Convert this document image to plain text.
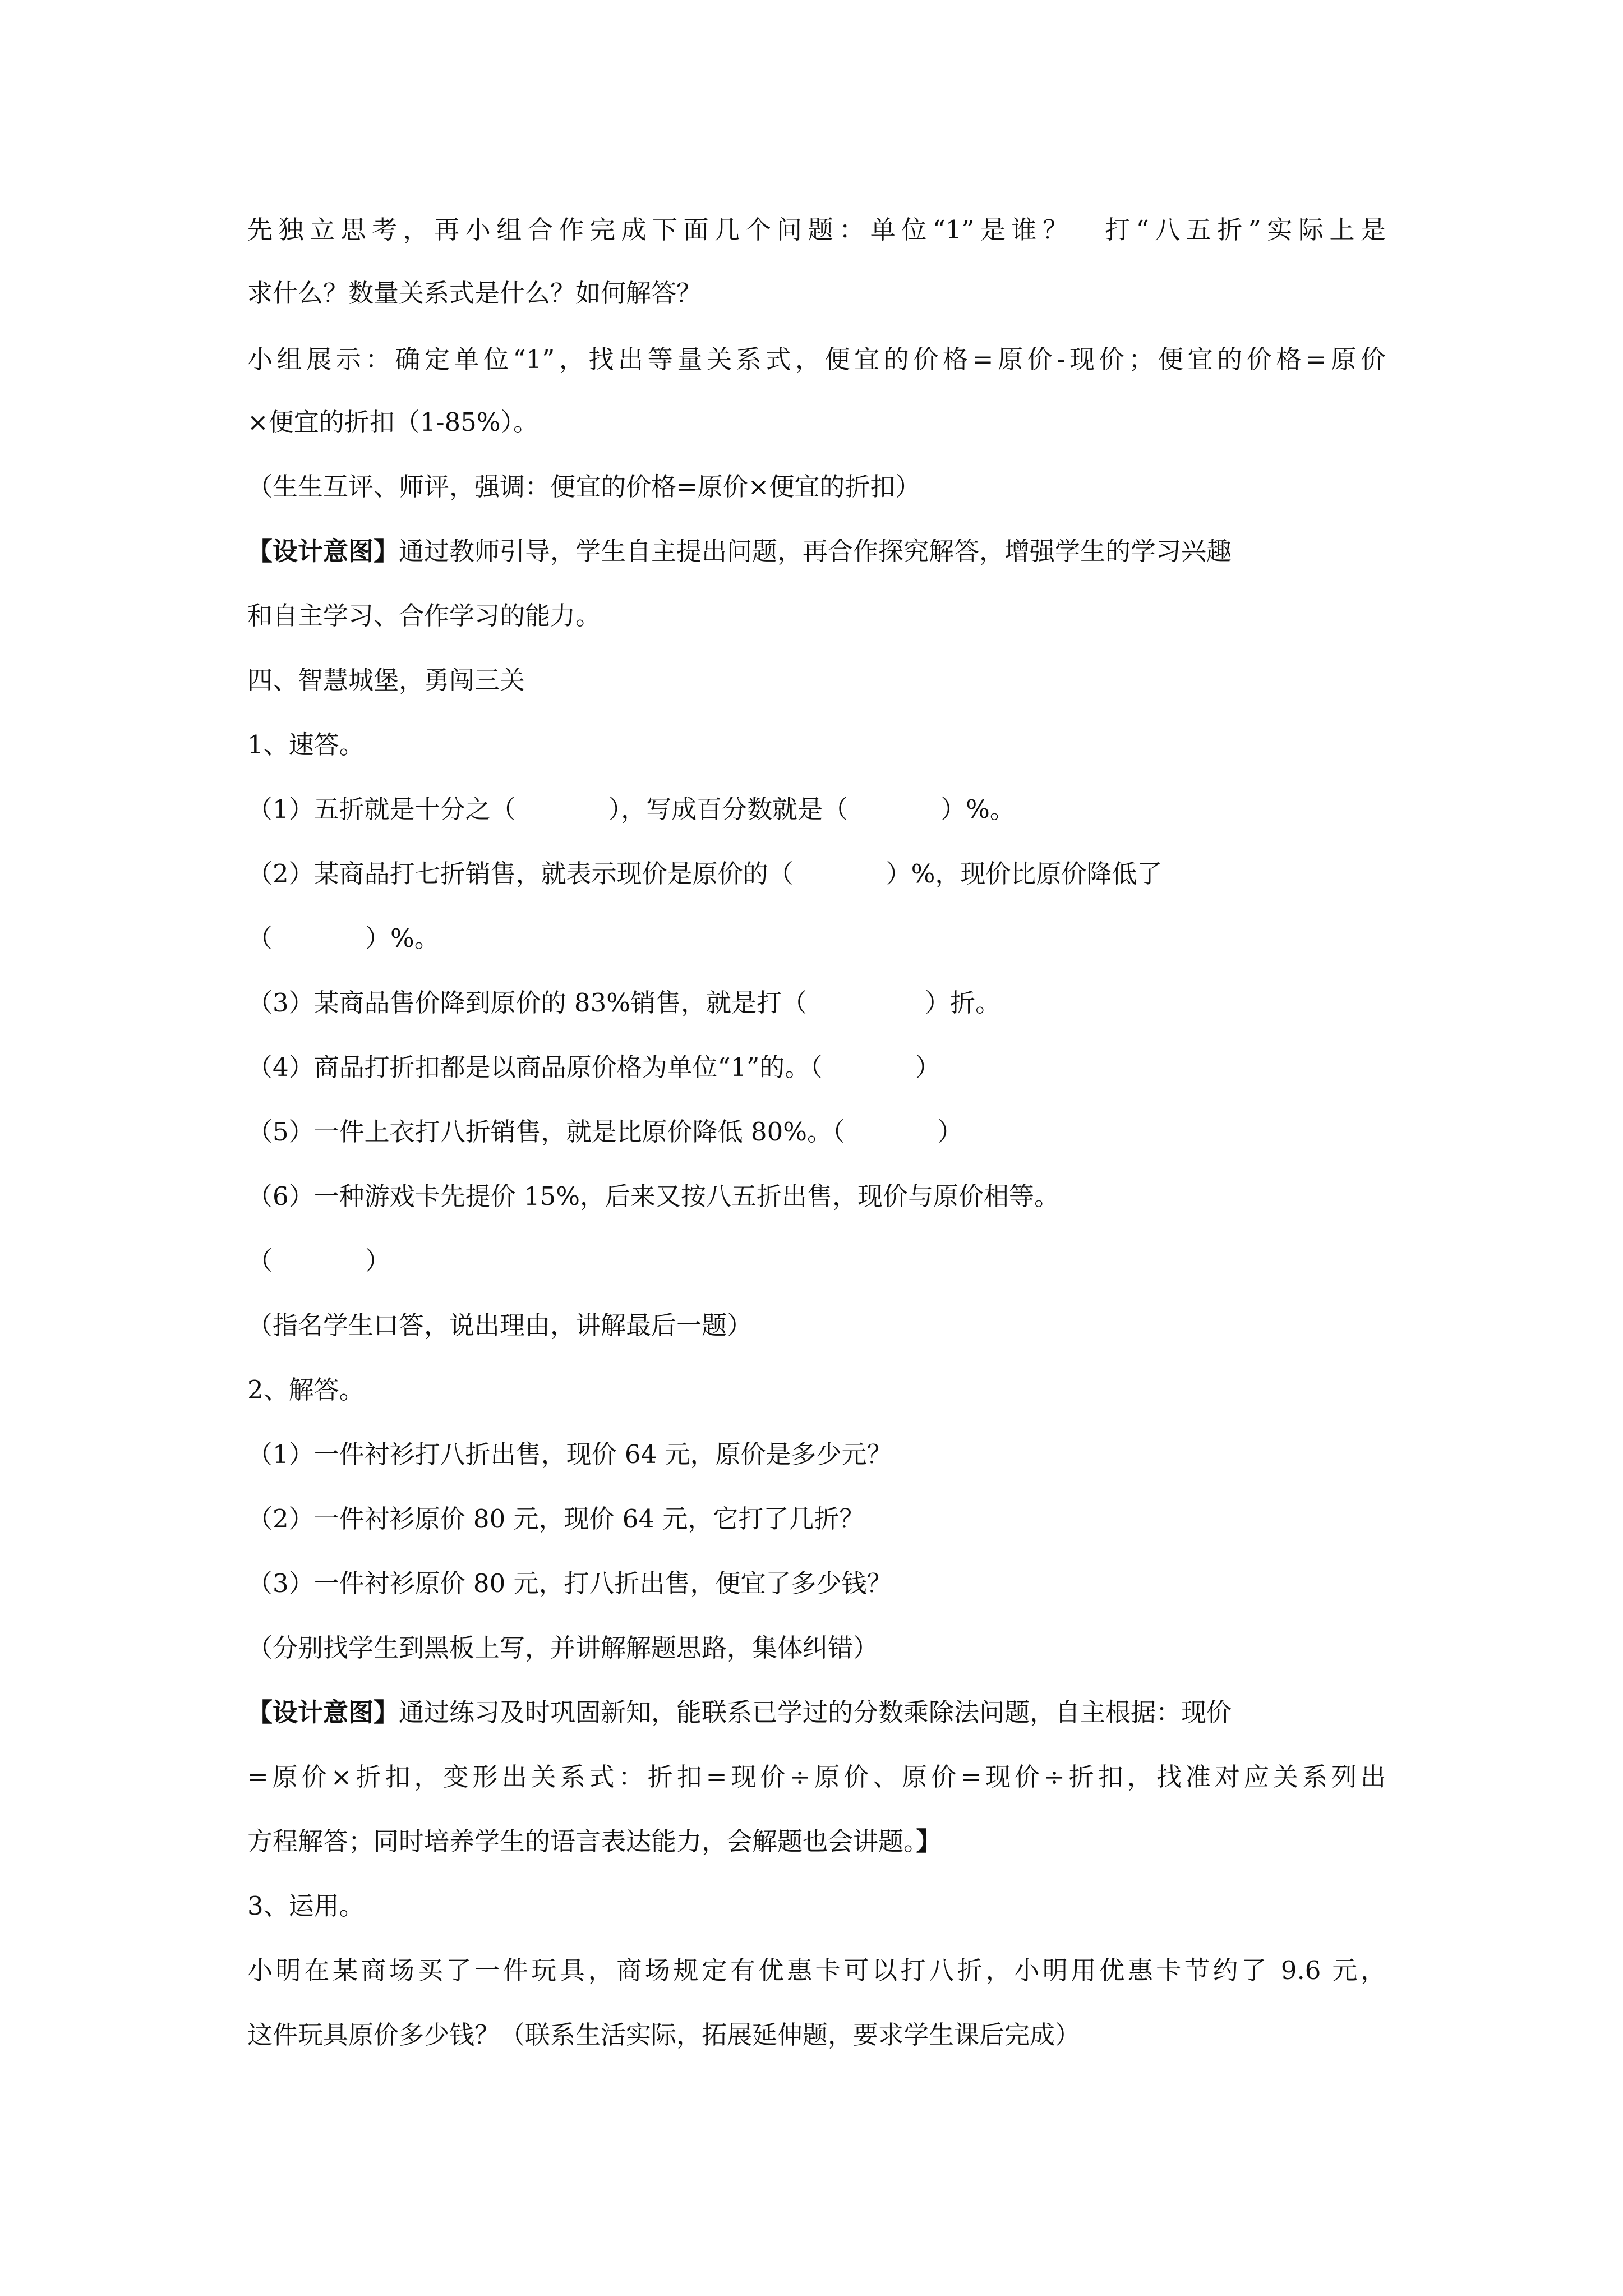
先独立思考，再小组合作完成下面几个问题：单位“1”是谁？　打“八五折”实际上是
求什么？数量关系式是什么？如何解答？
小组展示：确定单位“1”，找出等量关系式，便宜的价格=原价-现价；便宜的价格=原价
×便宜的折扣（1-85%）。
（生生互评、师评，强调：便宜的价格=原价×便宜的折扣）
【设计意图】通过教师引导，学生自主提出问题，再合作探究解答，增强学生的学习兴趣
和自主学习、合作学习的能力。
四、智慧城堡，勇闯三关
1、速答。
（1）五折就是十分之（	），写成百分数就是（	）%。
（2）某商品打七折销售，就表示现价是原价的（	）%，现价比原价降低了
（	）%。
（3）某商品售价降到原价的 83%销售，就是打（	）折。
（4）商品打折扣都是以商品原价格为单位“1”的。（	）
（5）一件上衣打八折销售，就是比原价降低 80%。（	）
（6）一种游戏卡先提价 15%，后来又按八五折出售，现价与原价相等。
（	）
（指名学生口答，说出理由，讲解最后一题）
2、解答。
（1）一件衬衫打八折出售，现价 64 元，原价是多少元？
（2）一件衬衫原价 80 元，现价 64 元，它打了几折？
（3）一件衬衫原价 80 元，打八折出售，便宜了多少钱？
（分别找学生到黑板上写，并讲解解题思路，集体纠错）
【设计意图】通过练习及时巩固新知，能联系已学过的分数乘除法问题，自主根据：现价
=原价×折扣，变形出关系式：折扣=现价÷原价、原价=现价÷折扣，找准对应关系列出
方程解答；同时培养学生的语言表达能力，会解题也会讲题。】
3、运用。
小明在某商场买了一件玩具，商场规定有优惠卡可以打八折，小明用优惠卡节约了 9.6 元，
这件玩具原价多少钱？（联系生活实际，拓展延伸题，要求学生课后完成）
